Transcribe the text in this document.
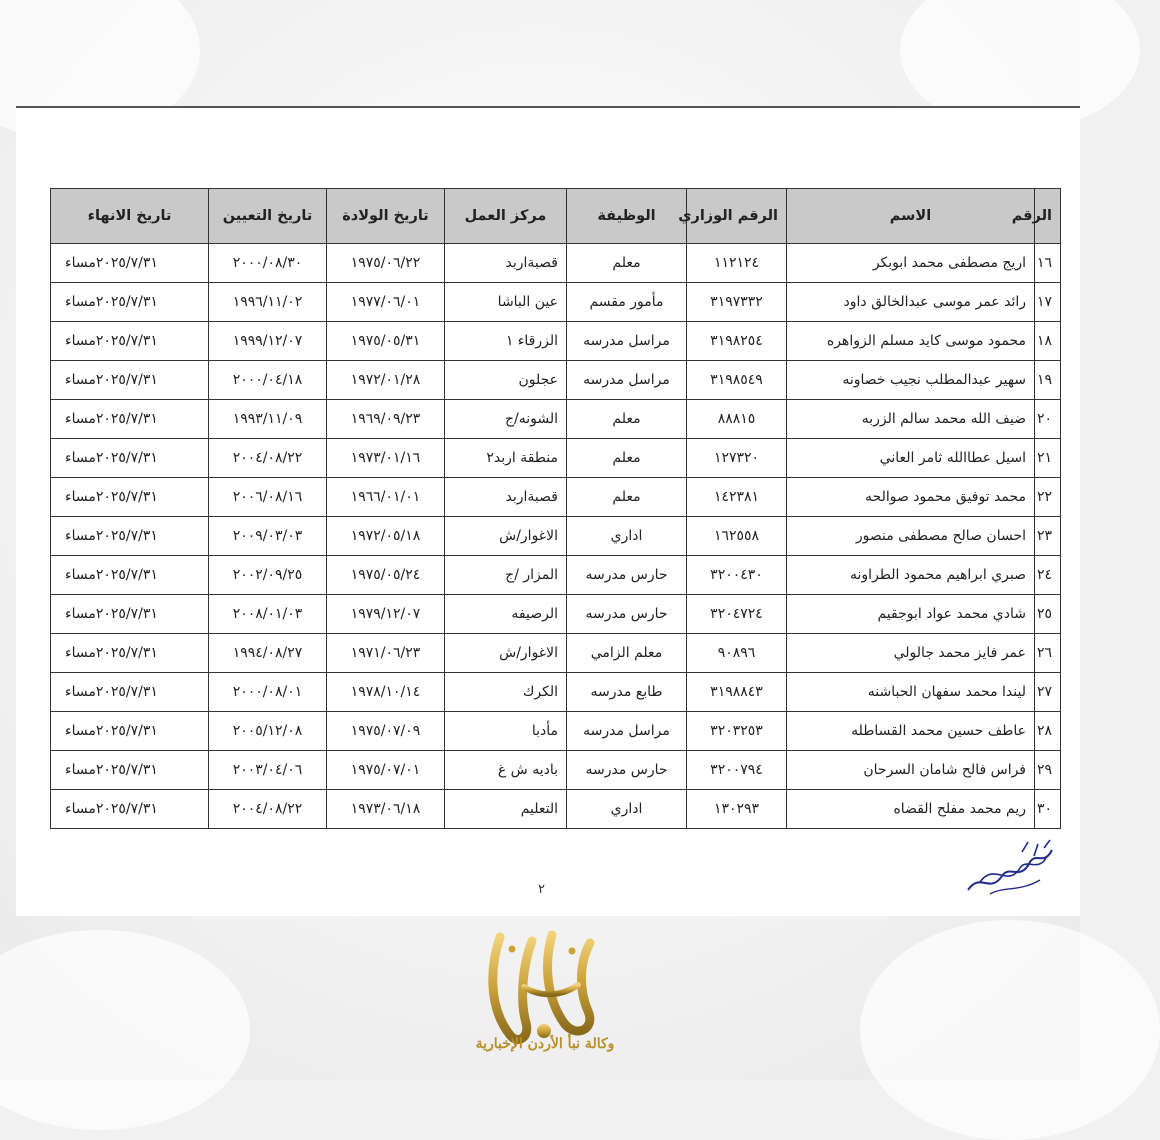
الرقم	الاسم	الرقم الوزاري	الوظيفة	مركز العمل	تاريخ الولادة	تاريخ التعيين	تاريخ الانهاء
١٦	اريج مصطفى محمد ابوبكر	١١٢١٢٤	معلم	قصبةاربد	١٩٧٥/٠٦/٢٢	٢٠٠٠/٠٨/٣٠	٢٠٢٥/٧/٣١مساء
١٧	رائد عمر موسى عبدالخالق داود	٣١٩٧٣٣٢	مأمور مقسم	عين الباشا	١٩٧٧/٠٦/٠١	١٩٩٦/١١/٠٢	٢٠٢٥/٧/٣١مساء
١٨	محمود موسى كايد مسلم الزواهره	٣١٩٨٢٥٤	مراسل مدرسه	الزرقاء ١	١٩٧٥/٠٥/٣١	١٩٩٩/١٢/٠٧	٢٠٢٥/٧/٣١مساء
١٩	سهير عبدالمطلب نجيب خصاونه	٣١٩٨٥٤٩	مراسل مدرسه	عجلون	١٩٧٢/٠١/٢٨	٢٠٠٠/٠٤/١٨	٢٠٢٥/٧/٣١مساء
٢٠	ضيف الله محمد سالم الزربه	٨٨٨١٥	معلم	الشونه/ج	١٩٦٩/٠٩/٢٣	١٩٩٣/١١/٠٩	٢٠٢٥/٧/٣١مساء
٢١	اسيل عطاالله ثامر العاني	١٢٧٣٢٠	معلم	منطقة اربد٢	١٩٧٣/٠١/١٦	٢٠٠٤/٠٨/٢٢	٢٠٢٥/٧/٣١مساء
٢٢	محمد توفيق محمود صوالحه	١٤٢٣٨١	معلم	قصبةاربد	١٩٦٦/٠١/٠١	٢٠٠٦/٠٨/١٦	٢٠٢٥/٧/٣١مساء
٢٣	احسان صالح مصطفى منصور	١٦٢٥٥٨	اداري	الاغوار/ش	١٩٧٢/٠٥/١٨	٢٠٠٩/٠٣/٠٣	٢٠٢٥/٧/٣١مساء
٢٤	صبري ابراهيم محمود الطراونه	٣٢٠٠٤٣٠	حارس مدرسه	المزار /ج	١٩٧٥/٠٥/٢٤	٢٠٠٢/٠٩/٢٥	٢٠٢٥/٧/٣١مساء
٢٥	شادي محمد عواد ابوجقيم	٣٢٠٤٧٢٤	حارس مدرسه	الرصيفه	١٩٧٩/١٢/٠٧	٢٠٠٨/٠١/٠٣	٢٠٢٥/٧/٣١مساء
٢٦	عمر فايز محمد جالولي	٩٠٨٩٦	معلم الزامي	الاغوار/ش	١٩٧١/٠٦/٢٣	١٩٩٤/٠٨/٢٧	٢٠٢٥/٧/٣١مساء
٢٧	ليندا محمد سفهان الحباشنه	٣١٩٨٨٤٣	طابع مدرسه	الكرك	١٩٧٨/١٠/١٤	٢٠٠٠/٠٨/٠١	٢٠٢٥/٧/٣١مساء
٢٨	عاطف حسين محمد القساطله	٣٢٠٣٢٥٣	مراسل مدرسه	مأدبا	١٩٧٥/٠٧/٠٩	٢٠٠٥/١٢/٠٨	٢٠٢٥/٧/٣١مساء
٢٩	فراس فالح شامان السرحان	٣٢٠٠٧٩٤	حارس مدرسه	باديه ش غ	١٩٧٥/٠٧/٠١	٢٠٠٣/٠٤/٠٦	٢٠٢٥/٧/٣١مساء
٣٠	ريم محمد مفلح القضاه	١٣٠٢٩٣	اداري	التعليم	١٩٧٣/٠٦/١٨	٢٠٠٤/٠٨/٢٢	٢٠٢٥/٧/٣١مساء
٢
وكالة نبأ الأردن الإخبارية
